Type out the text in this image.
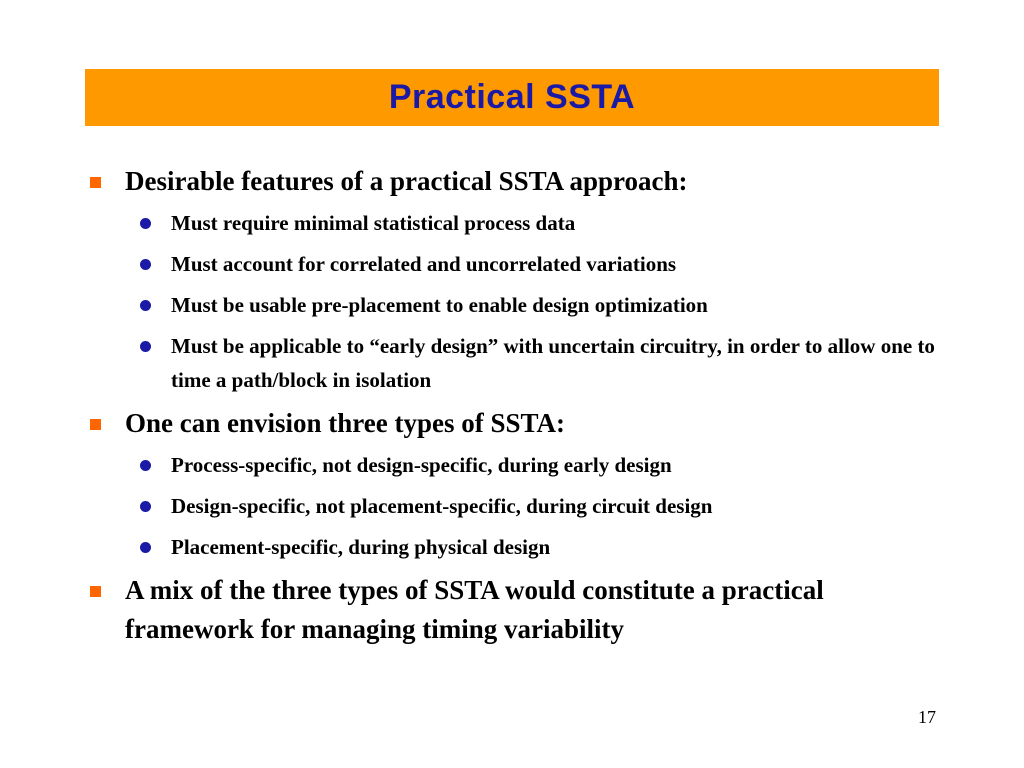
Practical SSTA
Desirable features of a practical SSTA approach:
Must require minimal statistical process data
Must account for correlated and uncorrelated variations
Must be usable pre-placement to enable design optimization
Must be applicable to “early design” with uncertain circuitry, in order to allow one to time a path/block in isolation
One can envision three types of SSTA:
Process-specific, not design-specific, during early design
Design-specific, not placement-specific, during circuit design
Placement-specific, during physical design
A mix of the three types of SSTA would constitute a practical framework for managing timing variability
17
